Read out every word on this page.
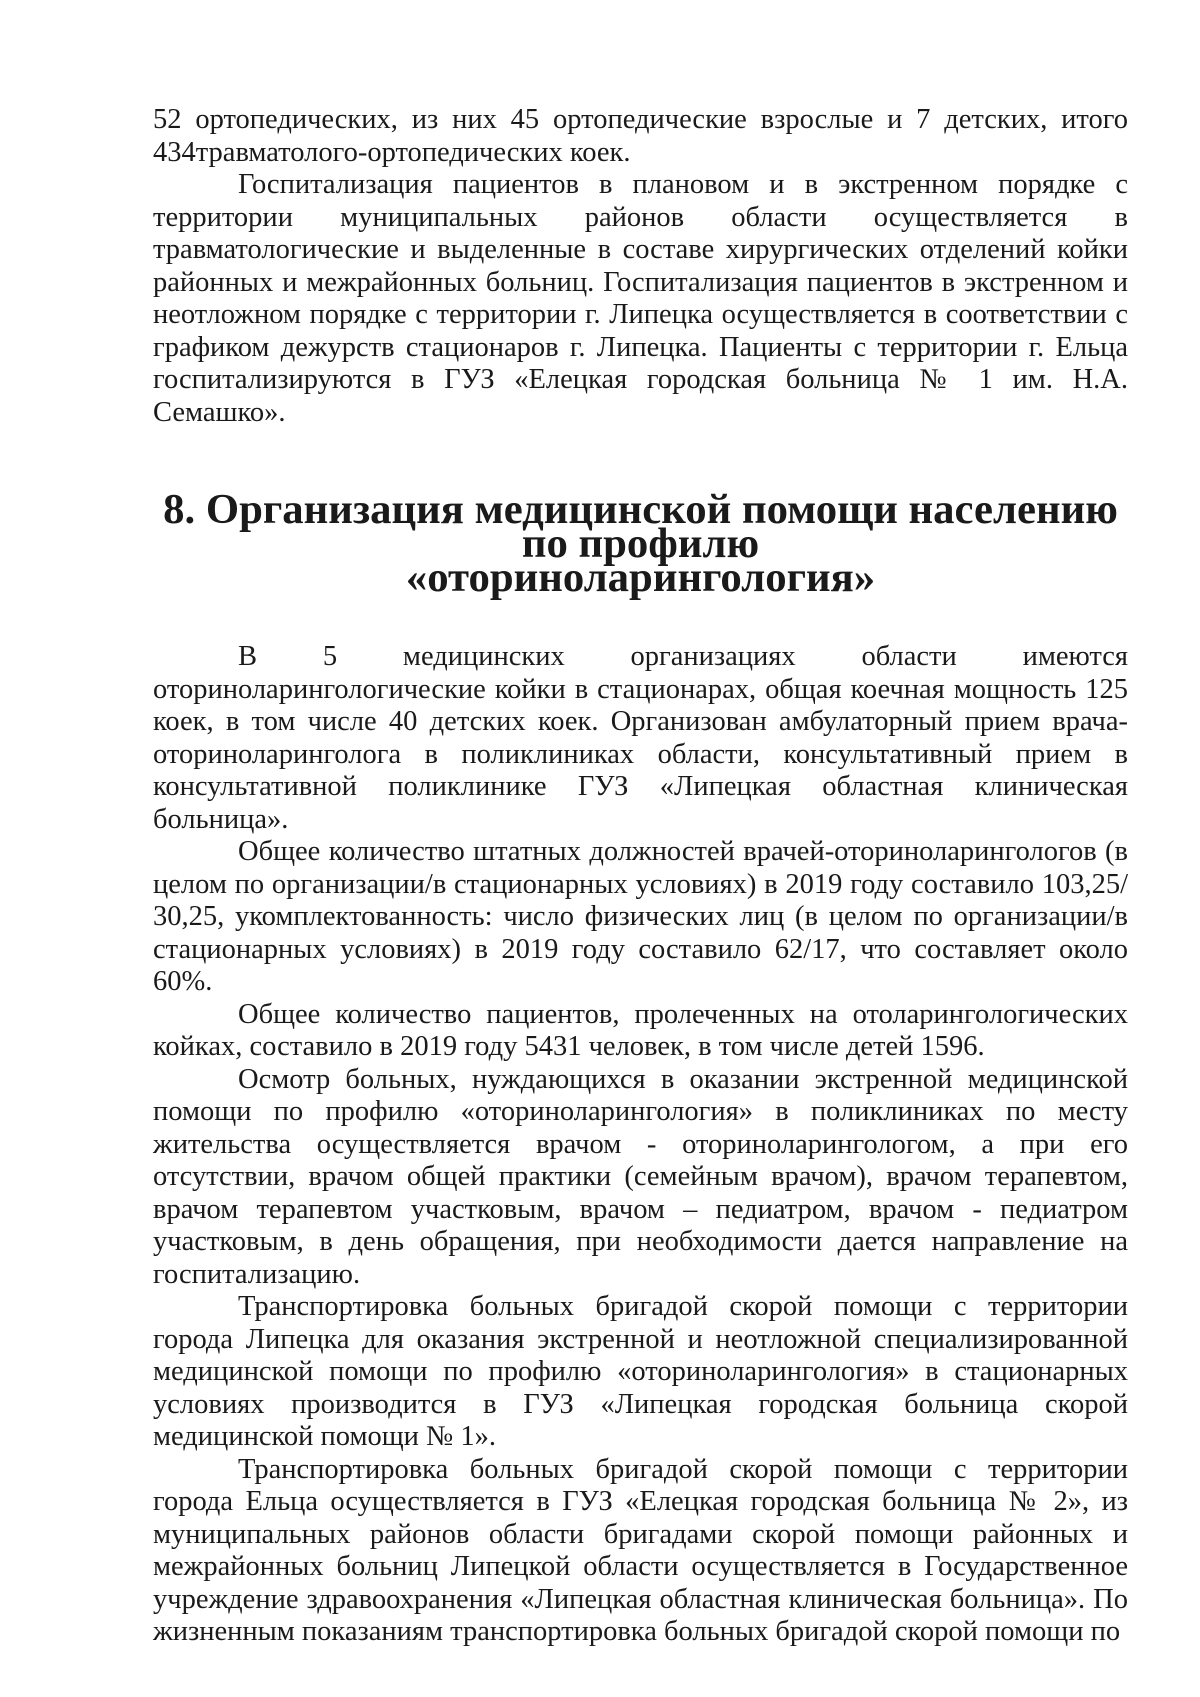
52 ортопедических, из них 45 ортопедические взрослые и 7 детских, итого 434травматолого-ортопедических коек.

Госпитализация пациентов в плановом и в экстренном порядке с территории муниципальных районов области осуществляется в травматологические и выделенные в составе хирургических отделений койки районных и межрайонных больниц. Госпитализация пациентов в экстренном и неотложном порядке с территории г. Липецка осуществляется в соответствии с графиком дежурств стационаров г. Липецка. Пациенты с территории г. Ельца госпитализируются в ГУЗ «Елецкая городская больница № 1 им. Н.А. Семашко».

8. Организация медицинской помощи населению по профилю
«оториноларингология»

В 5 медицинских организациях области имеются оториноларингологические койки в стационарах, общая коечная мощность 125 коек, в том числе 40 детских коек. Организован амбулаторный прием врача-оториноларинголога в поликлиниках области, консультативный прием в консультативной поликлинике ГУЗ «Липецкая областная клиническая больница».

Общее количество штатных должностей врачей-оториноларингологов (в целом по организации/в стационарных условиях) в 2019 году составило 103,25/ 30,25, укомплектованность: число физических лиц (в целом по организации/в стационарных условиях) в 2019 году составило 62/17, что составляет около 60%.

Общее количество пациентов, пролеченных на отоларингологических койках, составило в 2019 году 5431 человек, в том числе детей 1596.

Осмотр больных, нуждающихся в оказании экстренной медицинской помощи по профилю «оториноларингология» в поликлиниках по месту жительства осуществляется врачом - оториноларингологом, а при его отсутствии, врачом общей практики (семейным врачом), врачом терапевтом, врачом терапевтом участковым, врачом – педиатром, врачом - педиатром участковым, в день обращения, при необходимости дается направление на госпитализацию.

Транспортировка больных бригадой скорой помощи с территории города Липецка для оказания экстренной и неотложной специализированной медицинской помощи по профилю «оториноларингология» в стационарных условиях производится в ГУЗ «Липецкая городская больница скорой медицинской помощи № 1».

Транспортировка больных бригадой скорой помощи с территории города Ельца осуществляется в ГУЗ «Елецкая городская больница № 2», из муниципальных районов области бригадами скорой помощи районных и межрайонных больниц Липецкой области осуществляется в Государственное учреждение здравоохранения «Липецкая областная клиническая больница». По жизненным показаниям транспортировка больных бригадой скорой помощи по
